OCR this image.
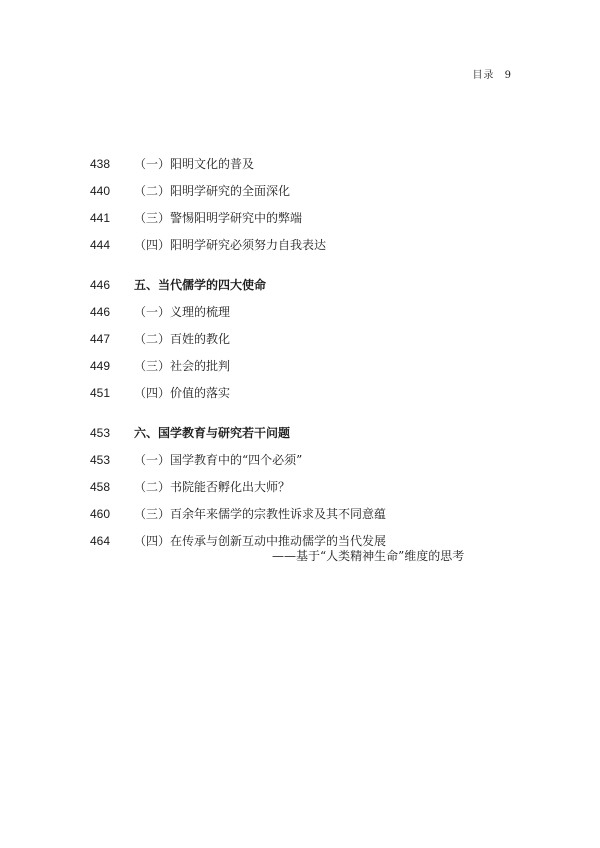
目录 9
438	（一）阳明文化的普及
440	（二）阳明学研究的全面深化
441	（三）警惕阳明学研究中的弊端
444	（四）阳明学研究必须努力自我表达
446	五、当代儒学的四大使命
446	（一）义理的梳理
447	（二）百姓的教化
449	（三）社会的批判
451	（四）价值的落实
453	六、国学教育与研究若干问题
453	（一）国学教育中的“四个必须”
458	（二）书院能否孵化出大师？
460	（三）百余年来儒学的宗教性诉求及其不同意蕴
464	（四）在传承与创新互动中推动儒学的当代发展
——基于“人类精神生命”维度的思考
